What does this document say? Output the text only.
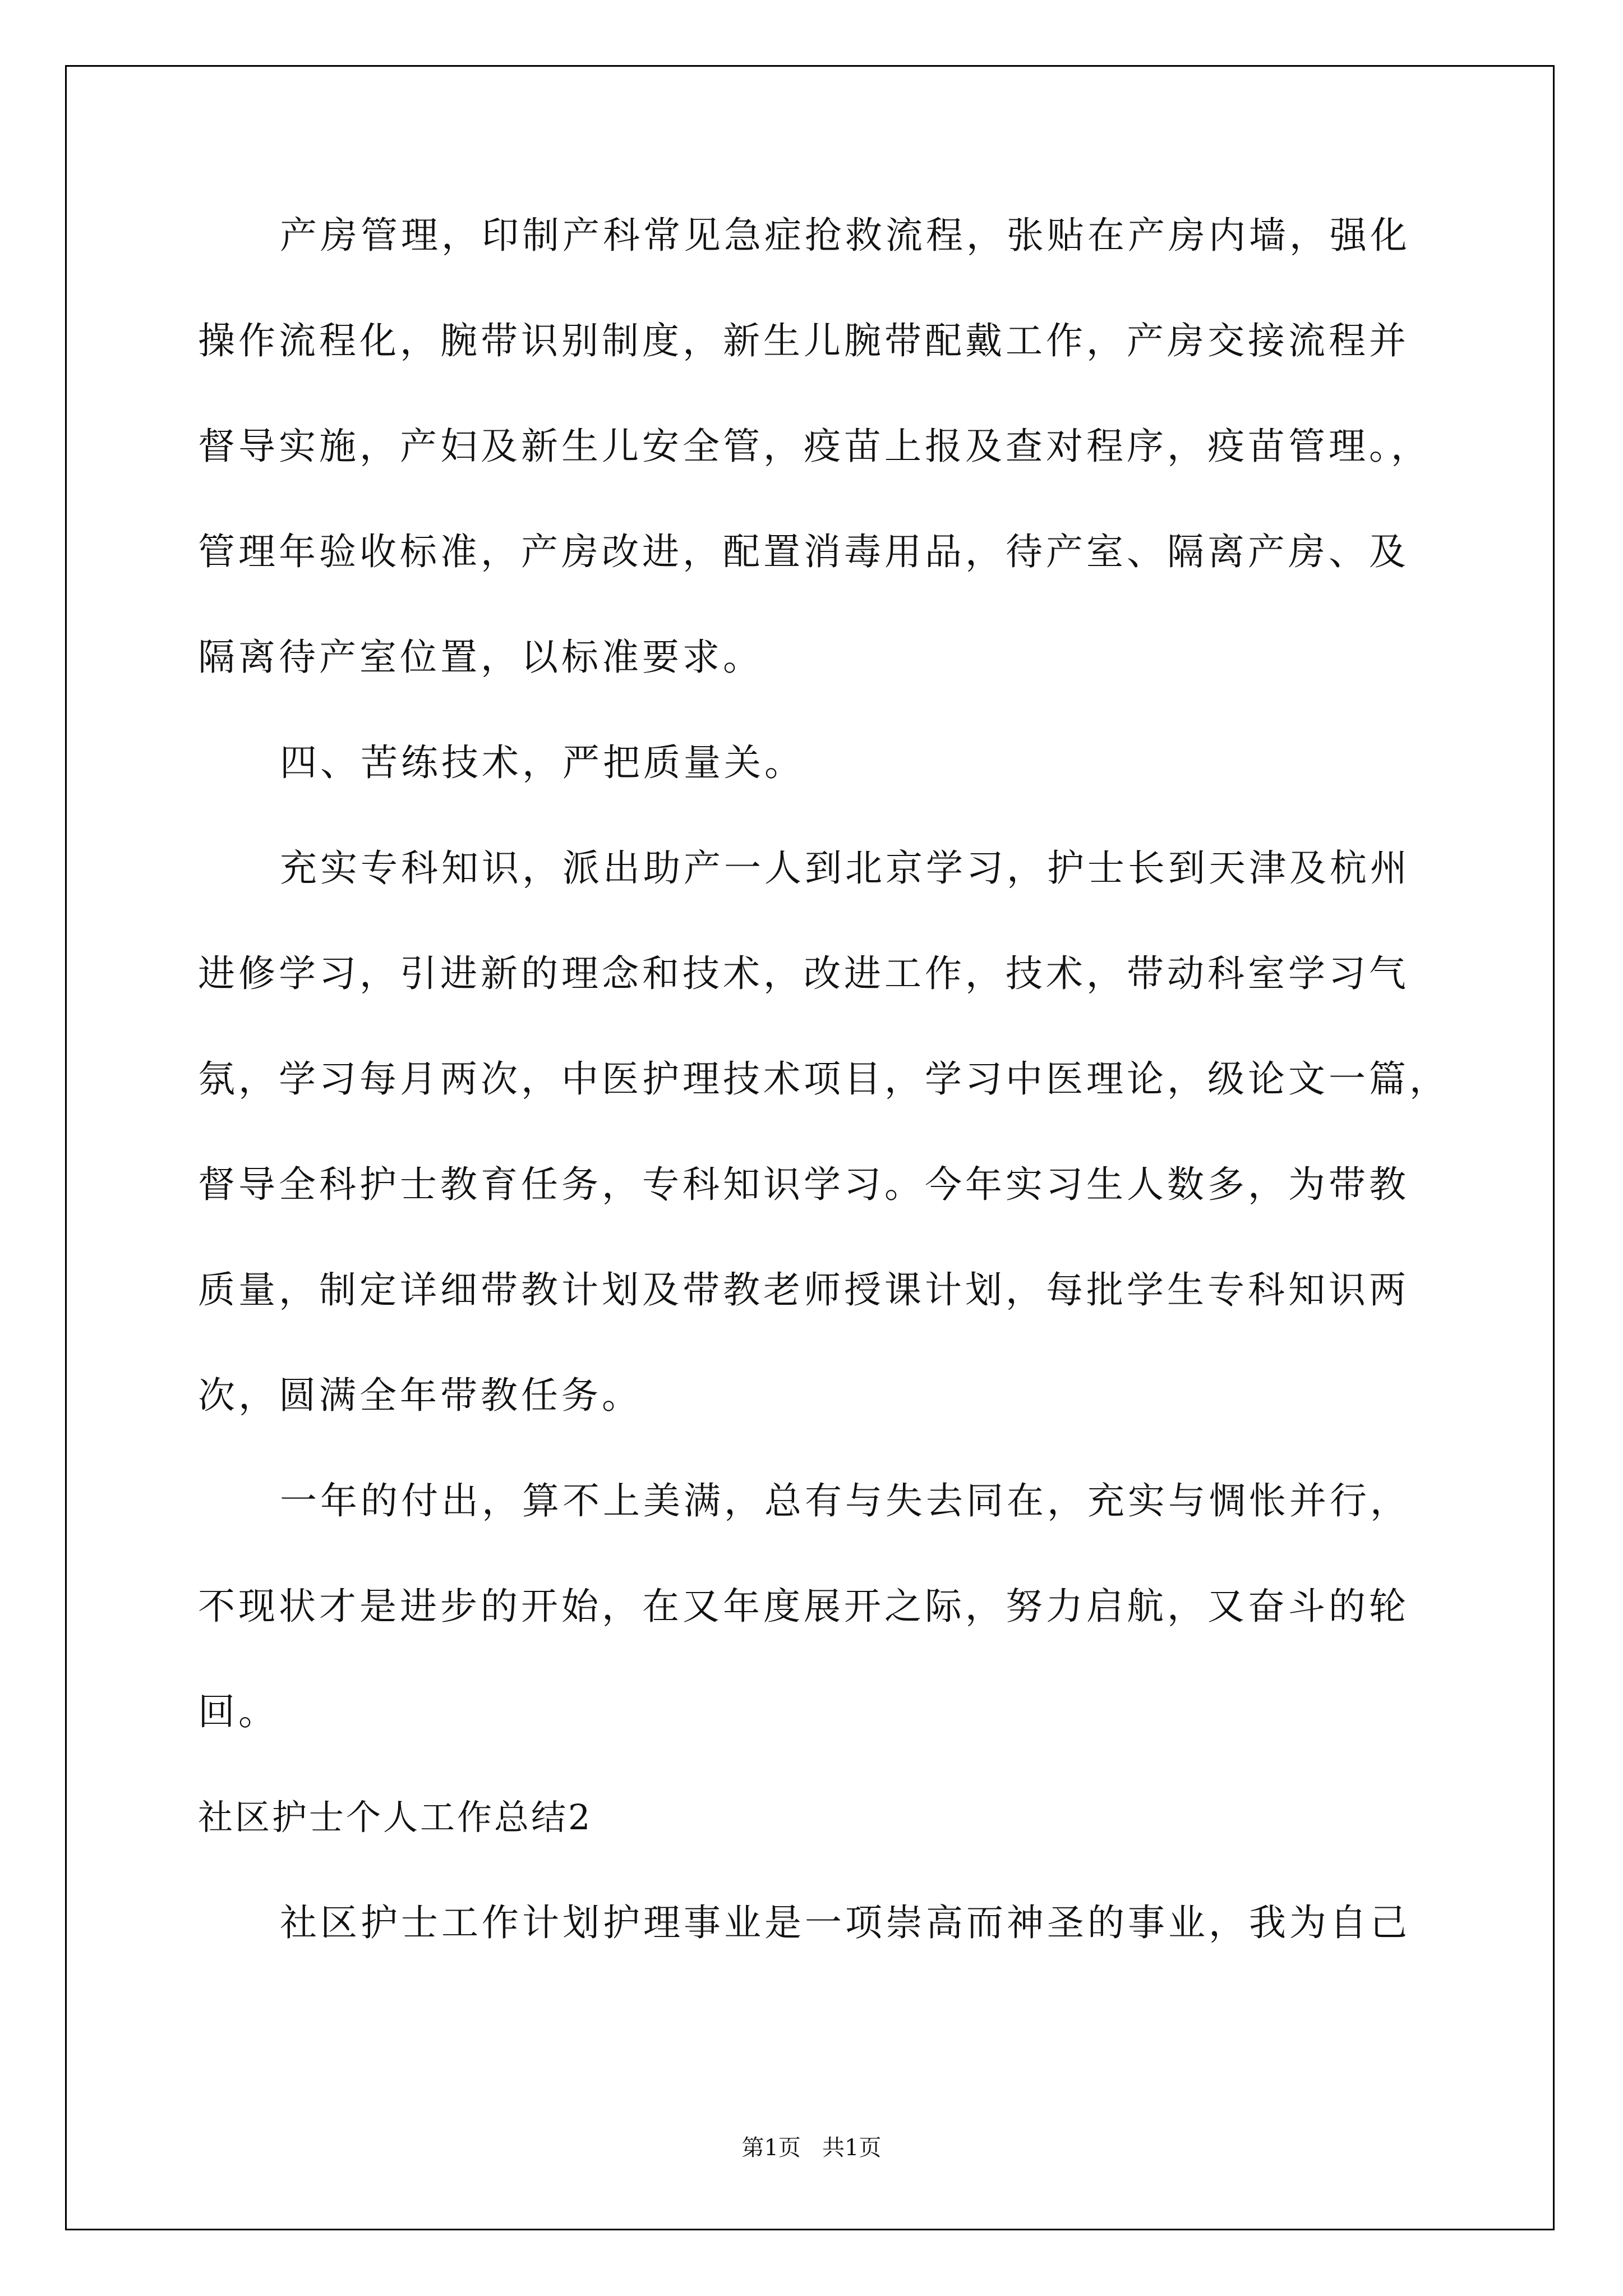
产房管理，印制产科常见急症抢救流程，张贴在产房内墙，强化
操作流程化，腕带识别制度，新生儿腕带配戴工作，产房交接流程并
督导实施，产妇及新生儿安全管，疫苗上报及查对程序，疫苗管理。，
管理年验收标准，产房改进，配置消毒用品，待产室、隔离产房、及
隔离待产室位置，以标准要求。
四、苦练技术，严把质量关。
充实专科知识，派出助产一人到北京学习，护士长到天津及杭州
进修学习，引进新的理念和技术，改进工作，技术，带动科室学习气
氛，学习每月两次，中医护理技术项目，学习中医理论，级论文一篇，
督导全科护士教育任务，专科知识学习。今年实习生人数多，为带教
质量，制定详细带教计划及带教老师授课计划，每批学生专科知识两
次，圆满全年带教任务。
一年的付出，算不上美满，总有与失去同在，充实与惆怅并行，
不现状才是进步的开始，在又年度展开之际，努力启航，又奋斗的轮
回。
社区护士个人工作总结2
社区护士工作计划护理事业是一项崇高而神圣的事业，我为自己
第1页   共1页
